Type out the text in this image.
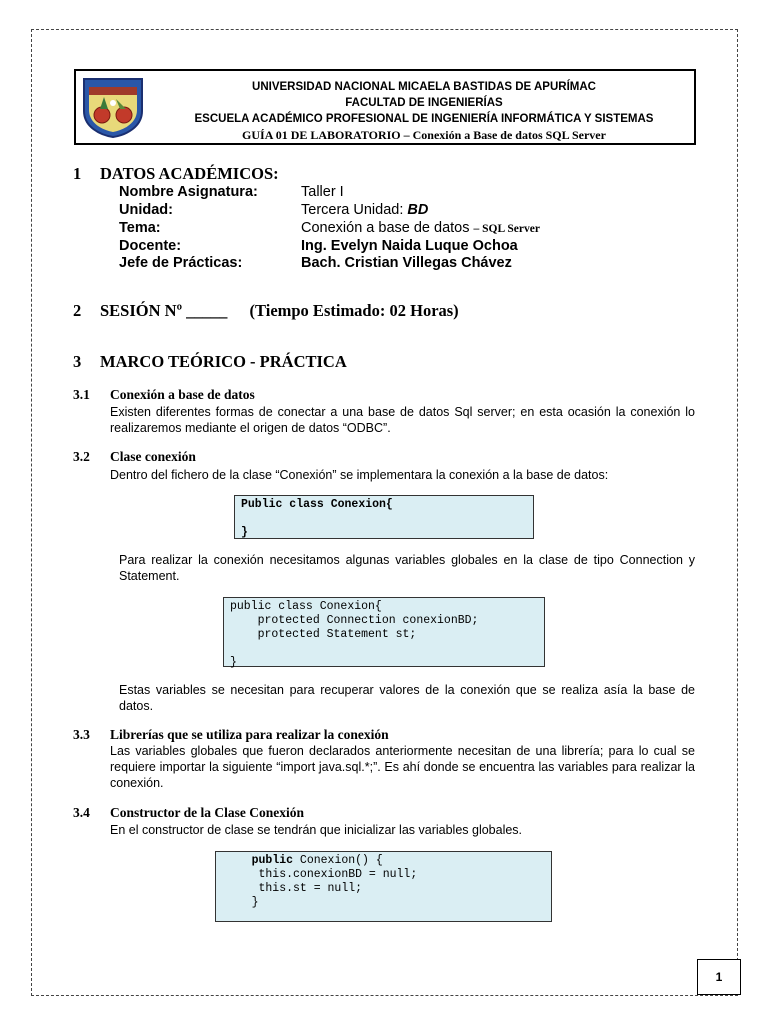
UNIVERSIDAD NACIONAL MICAELA BASTIDAS DE APURÍMAC
FACULTAD DE INGENIERÍAS
ESCUELA ACADÉMICO PROFESIONAL DE INGENIERÍA INFORMÁTICA Y SISTEMAS
GUÍA 01 DE LABORATORIO – Conexión a Base de datos SQL Server
1 DATOS ACADÉMICOS:
Nombre Asignatura:	Taller I
Unidad:	Tercera Unidad: BD
Tema:	Conexión a base de datos – SQL Server
Docente:	Ing. Evelyn Naida Luque Ochoa
Jefe de Prácticas:	Bach. Cristian Villegas Chávez
2 SESIÓN Nº _____ (Tiempo Estimado: 02 Horas)
3 MARCO TEÓRICO - PRÁCTICA
3.1 Conexión a base de datos
Existen diferentes formas de conectar a una base de datos Sql server; en esta ocasión la conexión lo realizaremos mediante el origen de datos “ODBC”.
3.2 Clase conexión
Dentro del fichero de la clase “Conexión” se implementara la conexión a la base de datos:
Public class Conexion{

}
Para realizar la conexión necesitamos algunas variables globales en la clase de tipo Connection y Statement.
public class Conexion{
protected Connection conexionBD;
protected Statement st;

}
Estas variables se necesitan para recuperar valores de la conexión que se realiza asía la base de datos.
3.3 Librerías que se utiliza para realizar la conexión
Las variables globales que fueron declarados anteriormente necesitan de una librería; para lo cual se requiere importar la siguiente “import java.sql.*;”. Es ahí donde se encuentra las variables para realizar la conexión.
3.4 Constructor de la Clase Conexión
En el constructor de clase se tendrán que inicializar las variables globales.
public Conexion() {
this.conexionBD = null;
this.st = null;
}
1
